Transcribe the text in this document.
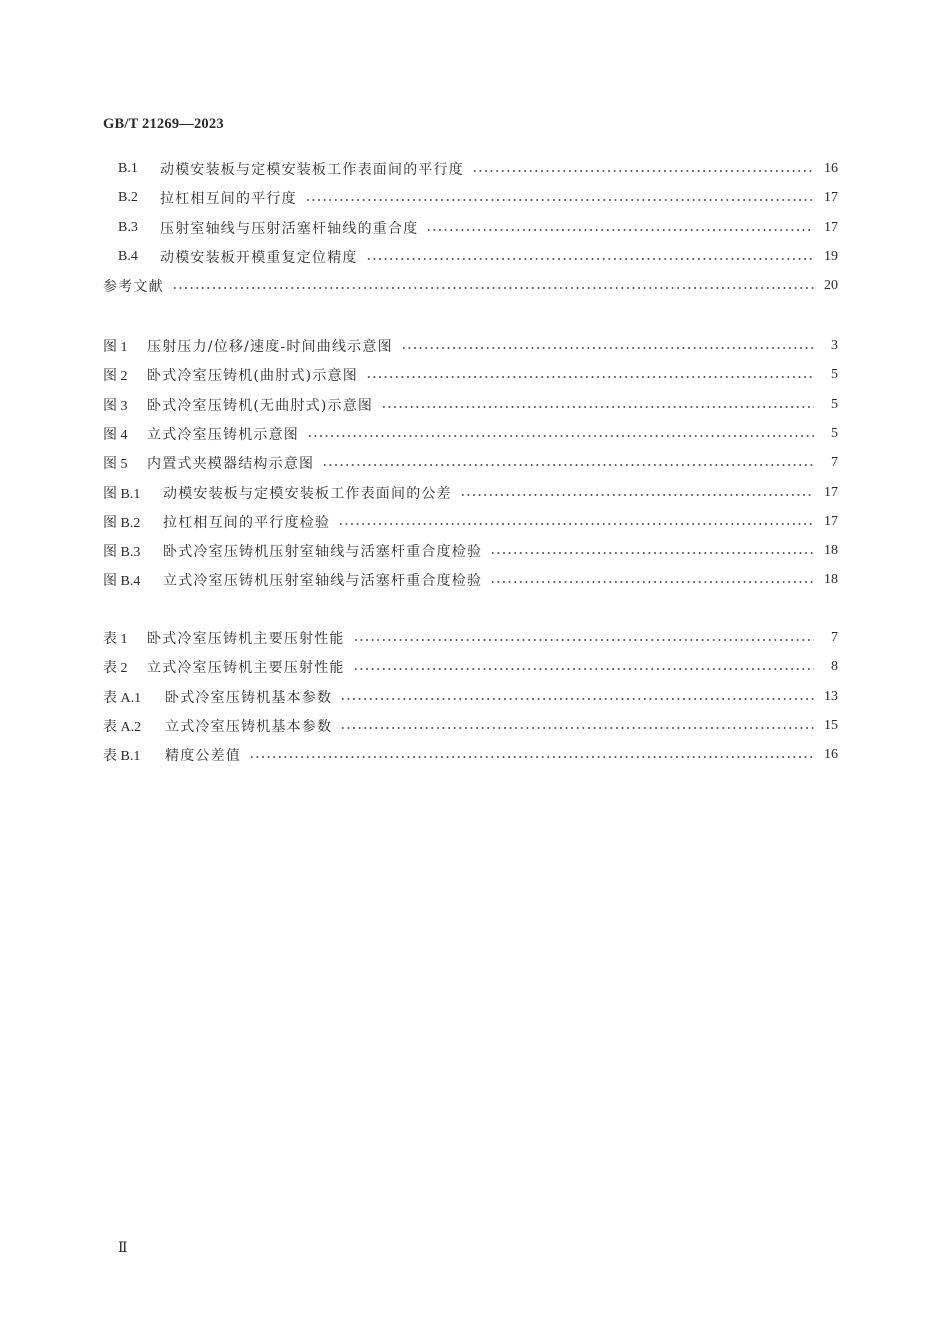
GB/T 21269—2023
B.1 动模安装板与定模安装板工作表面间的平行度	16
B.2 拉杠相互间的平行度	17
B.3 压射室轴线与压射活塞杆轴线的重合度	17
B.4 动模安装板开模重复定位精度	19
参考文献	20
图 1 压射压力/位移/速度-时间曲线示意图	3
图 2 卧式冷室压铸机(曲肘式)示意图	5
图 3 卧式冷室压铸机(无曲肘式)示意图	5
图 4 立式冷室压铸机示意图	5
图 5 内置式夹模器结构示意图	7
图 B.1 动模安装板与定模安装板工作表面间的公差	17
图 B.2 拉杠相互间的平行度检验	17
图 B.3 卧式冷室压铸机压射室轴线与活塞杆重合度检验	18
图 B.4 立式冷室压铸机压射室轴线与活塞杆重合度检验	18
表 1 卧式冷室压铸机主要压射性能	7
表 2 立式冷室压铸机主要压射性能	8
表 A.1 卧式冷室压铸机基本参数	13
表 A.2 立式冷室压铸机基本参数	15
表 B.1 精度公差值	16
Ⅱ
